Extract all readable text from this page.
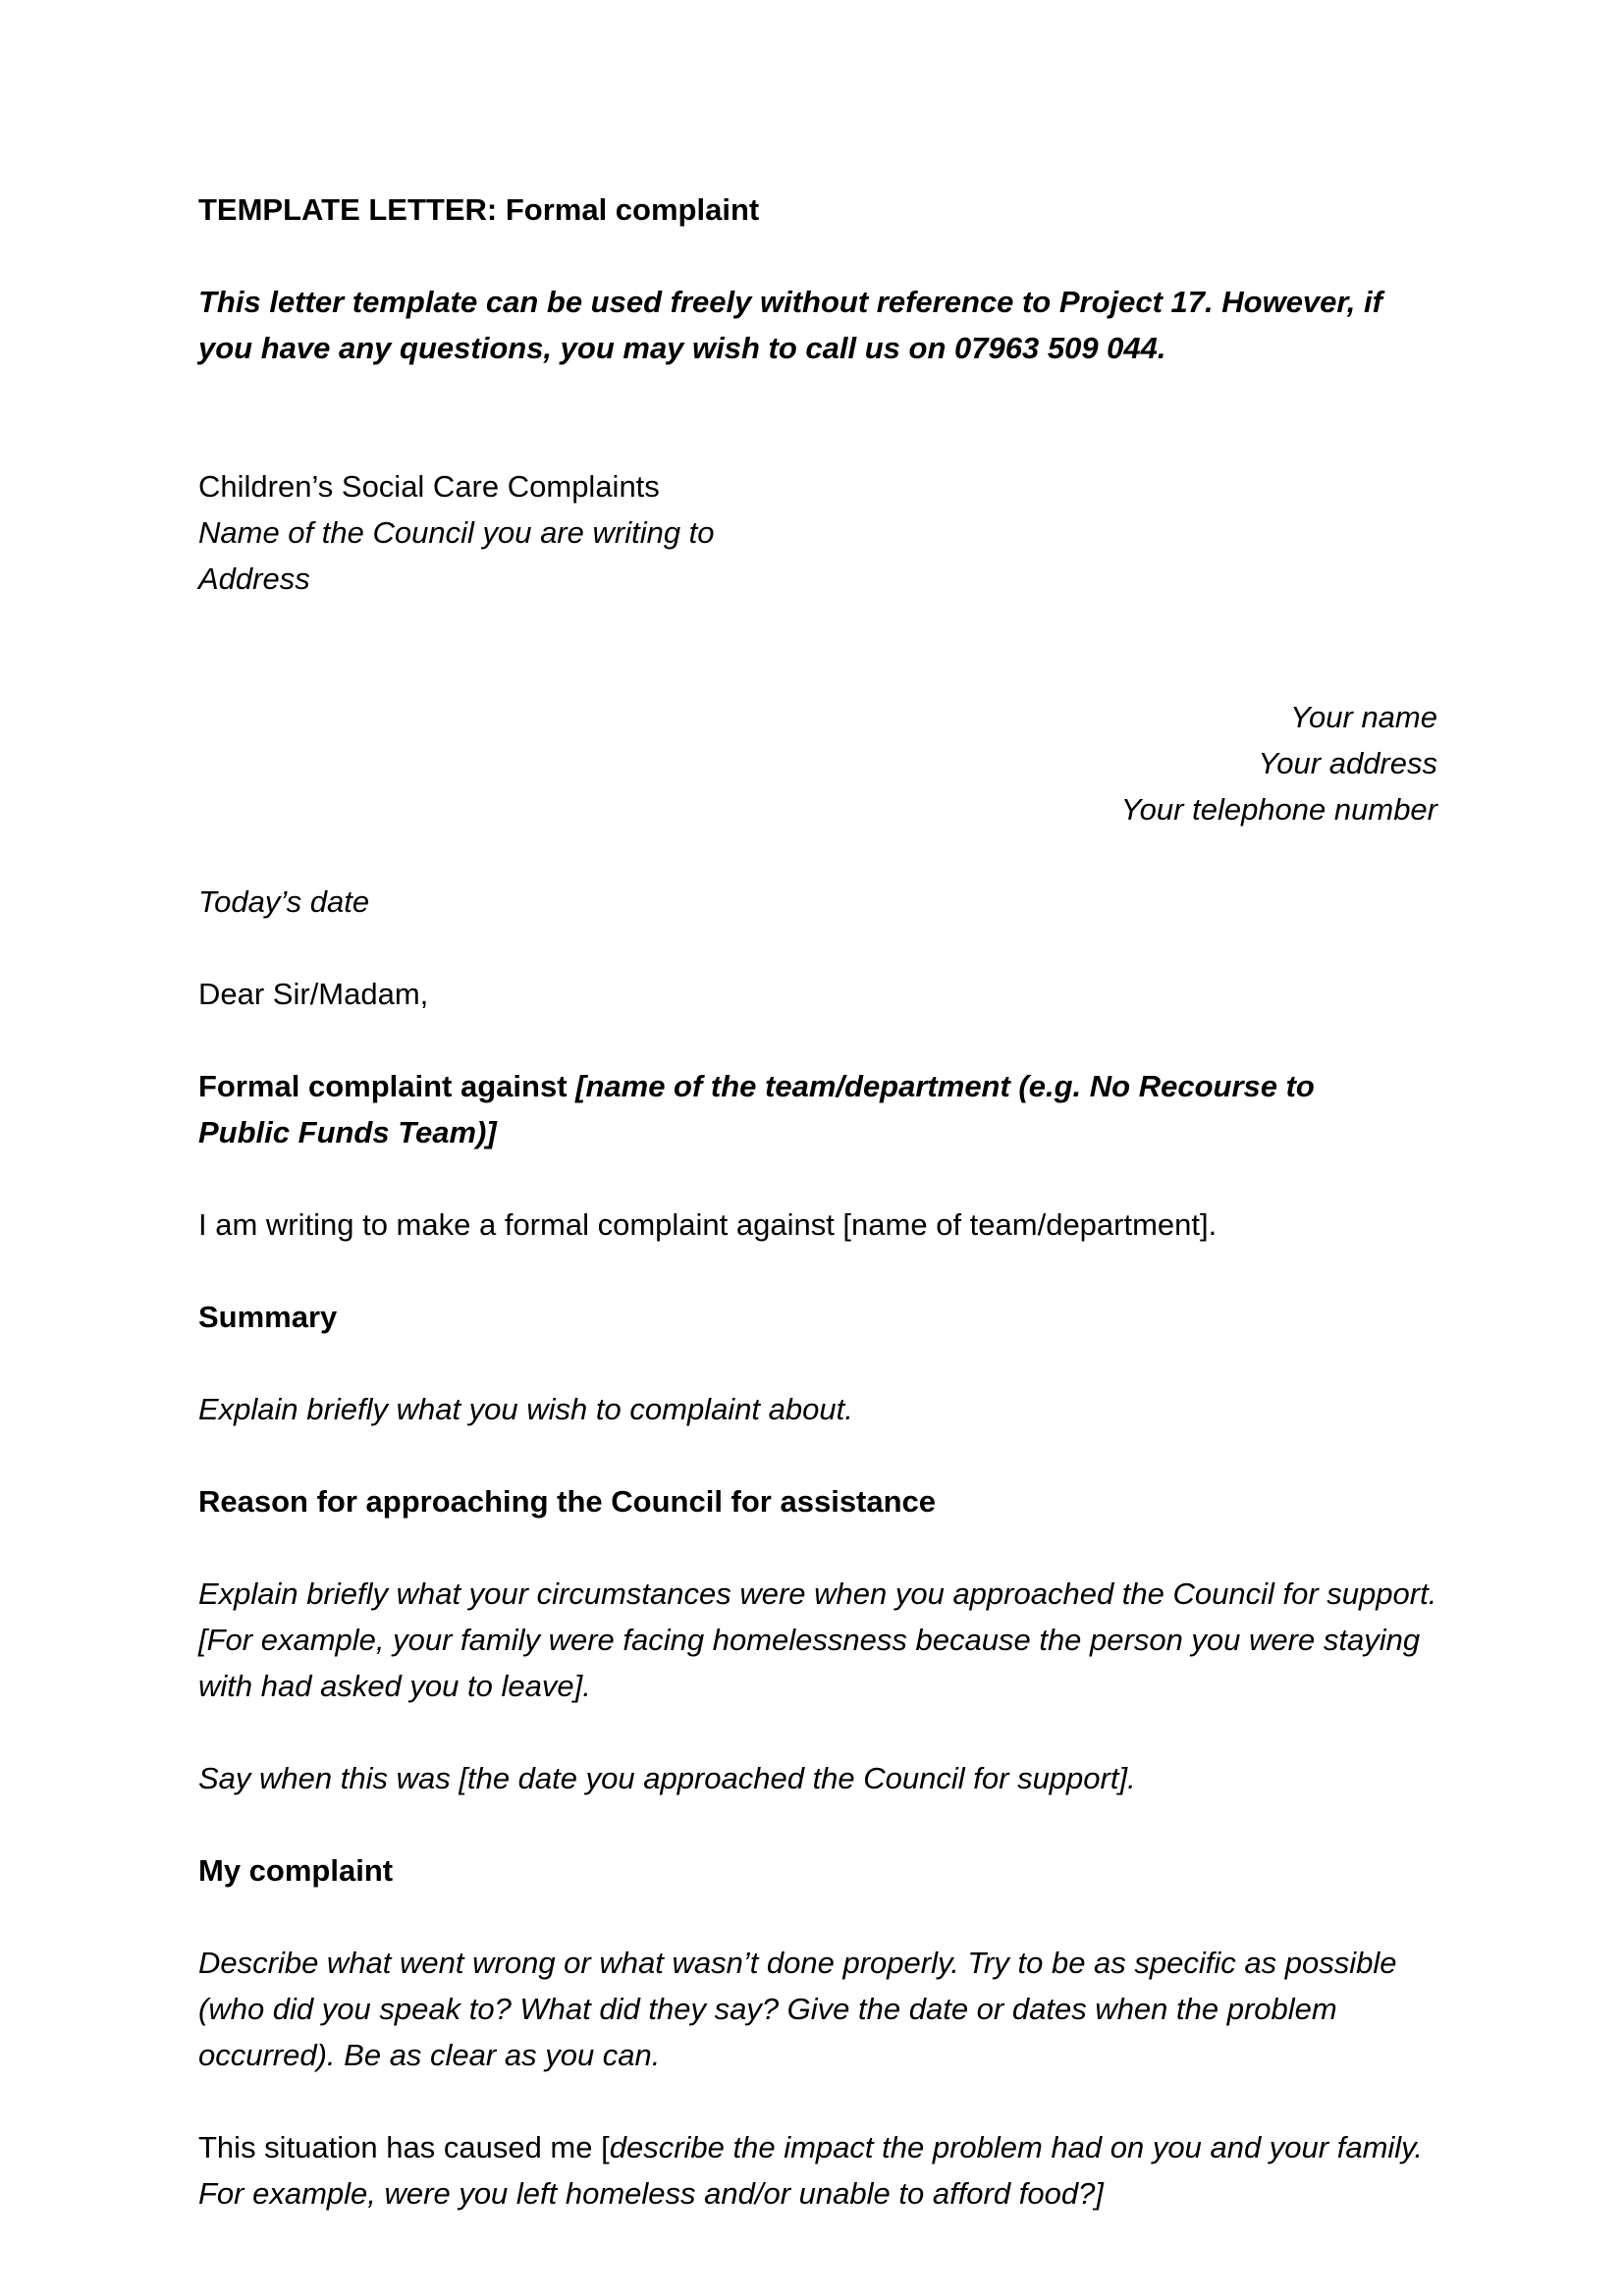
TEMPLATE LETTER: Formal complaint

This letter template can be used freely without reference to Project 17. However, if you have any questions, you may wish to call us on 07963 509 044.

Children’s Social Care Complaints

Name of the Council you are writing to

Address

Your name

Your address

Your telephone number

Today’s date

Dear Sir/Madam,

Formal complaint against [name of the team/department (e.g. No Recourse to Public Funds Team)]

I am writing to make a formal complaint against [name of team/department].

Summary

Explain briefly what you wish to complaint about.

Reason for approaching the Council for assistance

Explain briefly what your circumstances were when you approached the Council for support. [For example, your family were facing homelessness because the person you were staying with had asked you to leave].

Say when this was [the date you approached the Council for support].

My complaint

Describe what went wrong or what wasn’t done properly. Try to be as specific as possible (who did you speak to? What did they say? Give the date or dates when the problem occurred). Be as clear as you can.

This situation has caused me [describe the impact the problem had on you and your family. For example, were you left homeless and/or unable to afford food?]
